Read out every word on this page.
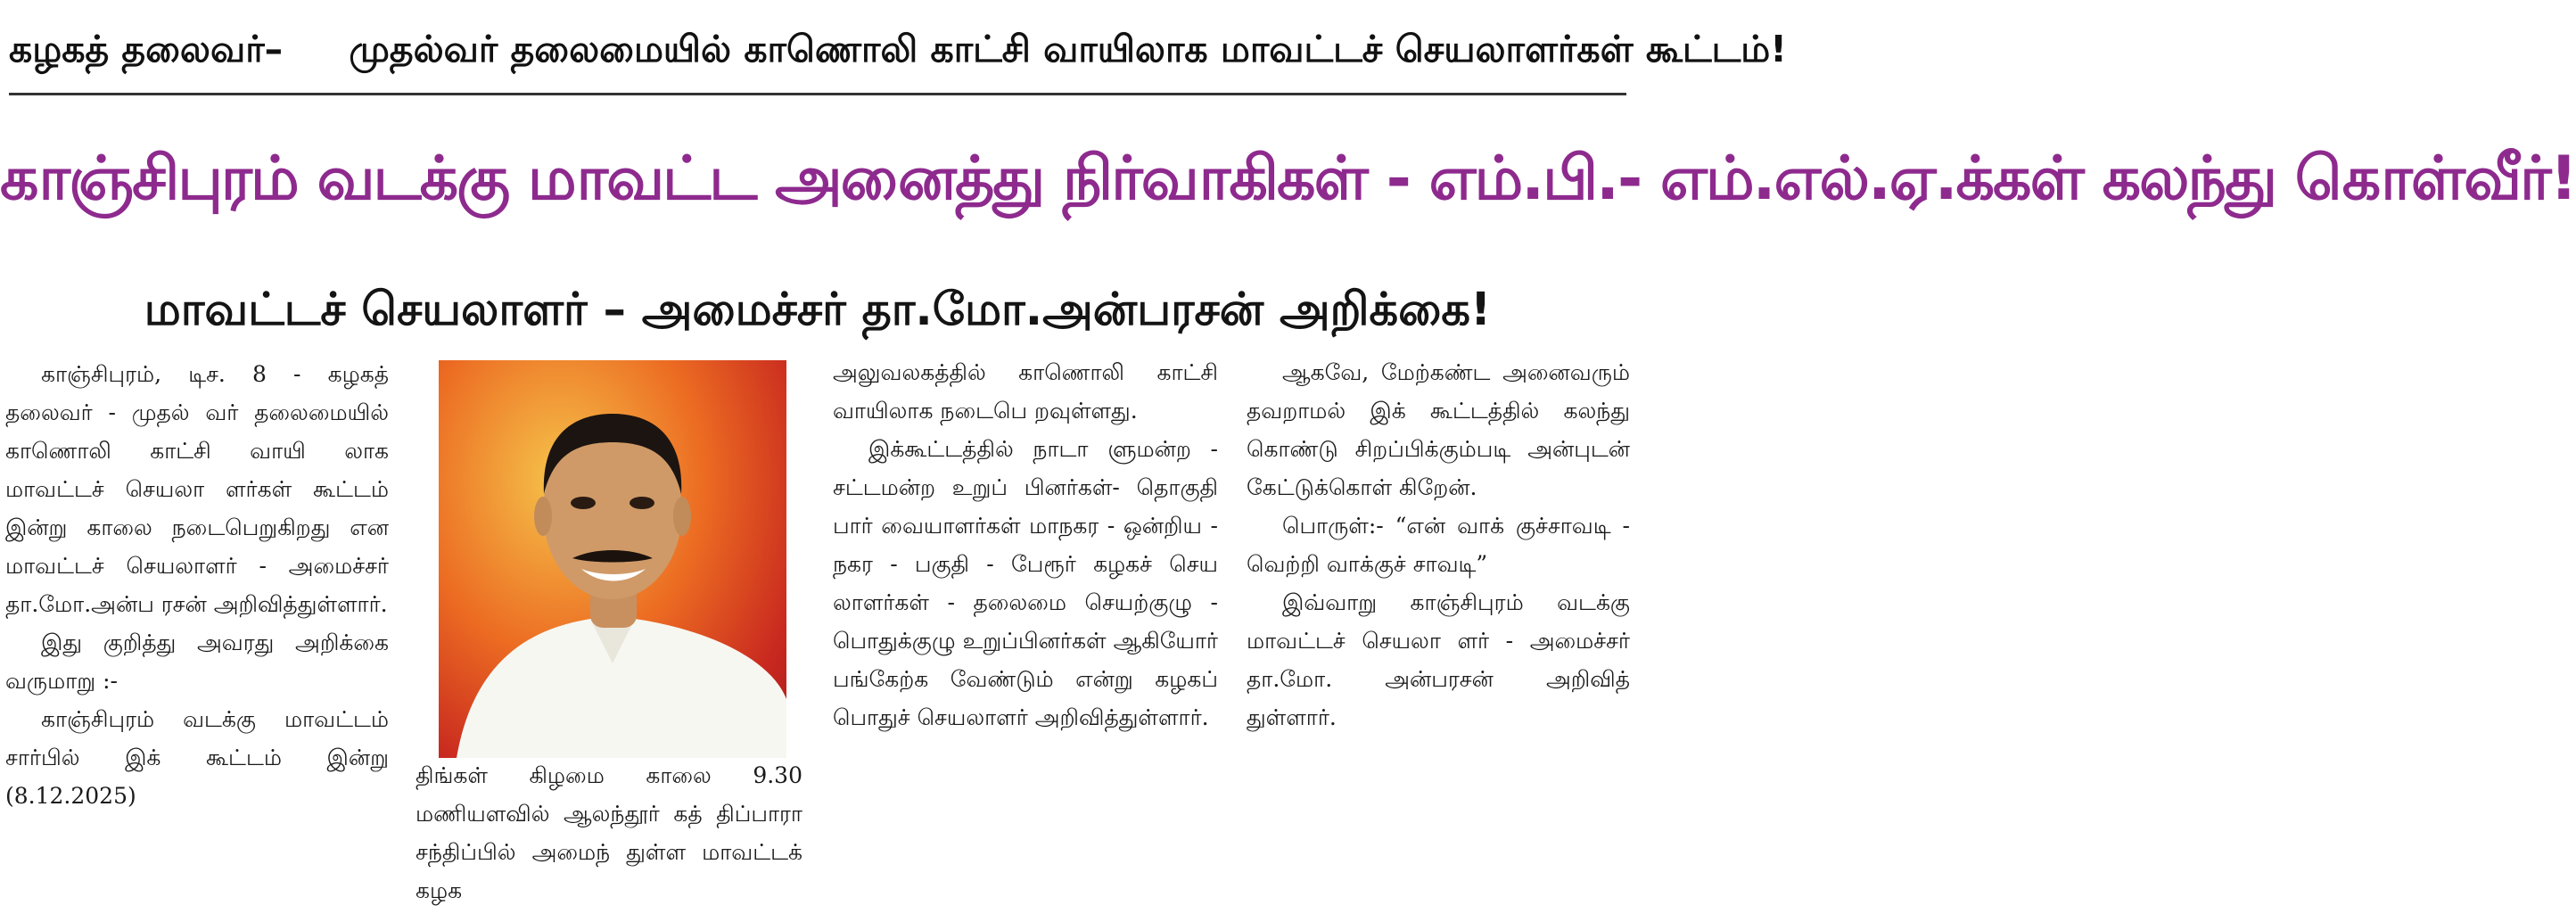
கழகத் தலைவர்– முதல்வர் தலைமையில் காணொலி காட்சி வாயிலாக மாவட்டச் செயலாளர்கள் கூட்டம்!
காஞ்சிபுரம் வடக்கு மாவட்ட அனைத்து நிர்வாகிகள் - எம்.பி.- எம்.எல்.ஏ.க்கள் கலந்து கொள்வீர்!
மாவட்டச் செயலாளர் – அமைச்சர் தா.மோ.அன்பரசன் அறிக்கை!

காஞ்சிபுரம், டிச. 8 - கழகத் தலைவர் - முதல் வர் தலைமையில் காணொலி காட்சி வாயி லாக மாவட்டச் செயலா ளர்கள் கூட்டம் இன்று காலை நடைபெறுகிறது என மாவட்டச் செயலாளர் - அமைச்சர் தா.மோ.அன்ப ரசன் அறிவித்துள்ளார்.

இது குறித்து அவரது அறிக்கை வருமாறு :-

காஞ்சிபுரம் வடக்கு மாவட்டம் சார்பில் இக் கூட்டம் இன்று (8.12.2025)

திங்கள் கிழமை காலை 9.30 மணியளவில் ஆலந்தூர் கத் திப்பாரா சந்திப்பில் அமைந் துள்ள மாவட்டக் கழக

அலுவலகத்தில் காணொலி காட்சி வாயிலாக நடைபெ றவுள்ளது.

இக்கூட்டத்தில் நாடா ளுமன்ற - சட்டமன்ற உறுப் பினர்கள்- தொகுதி பார் வையாளர்கள் மாநகர - ஒன்றிய - நகர - பகுதி - பேரூர் கழகச் செய லாளர்கள் - தலைமை செயற்குழு - பொதுக்குழு உறுப்பினர்கள் ஆகியோர் பங்கேற்க வேண்டும் என்று கழகப் பொதுச் செயலாளர் அறிவித்துள்ளார்.

ஆகவே, மேற்கண்ட அனைவரும் தவறாமல் இக் கூட்டத்தில் கலந்து கொண்டு சிறப்பிக்கும்படி அன்புடன் கேட்டுக்கொள் கிறேன்.

பொருள்:- “என் வாக் குச்சாவடி - வெற்றி வாக்குச் சாவடி”

இவ்வாறு காஞ்சிபுரம் வடக்கு மாவட்டச் செயலா ளர் - அமைச்சர் தா.மோ. அன்பரசன் அறிவித் துள்ளார்.
